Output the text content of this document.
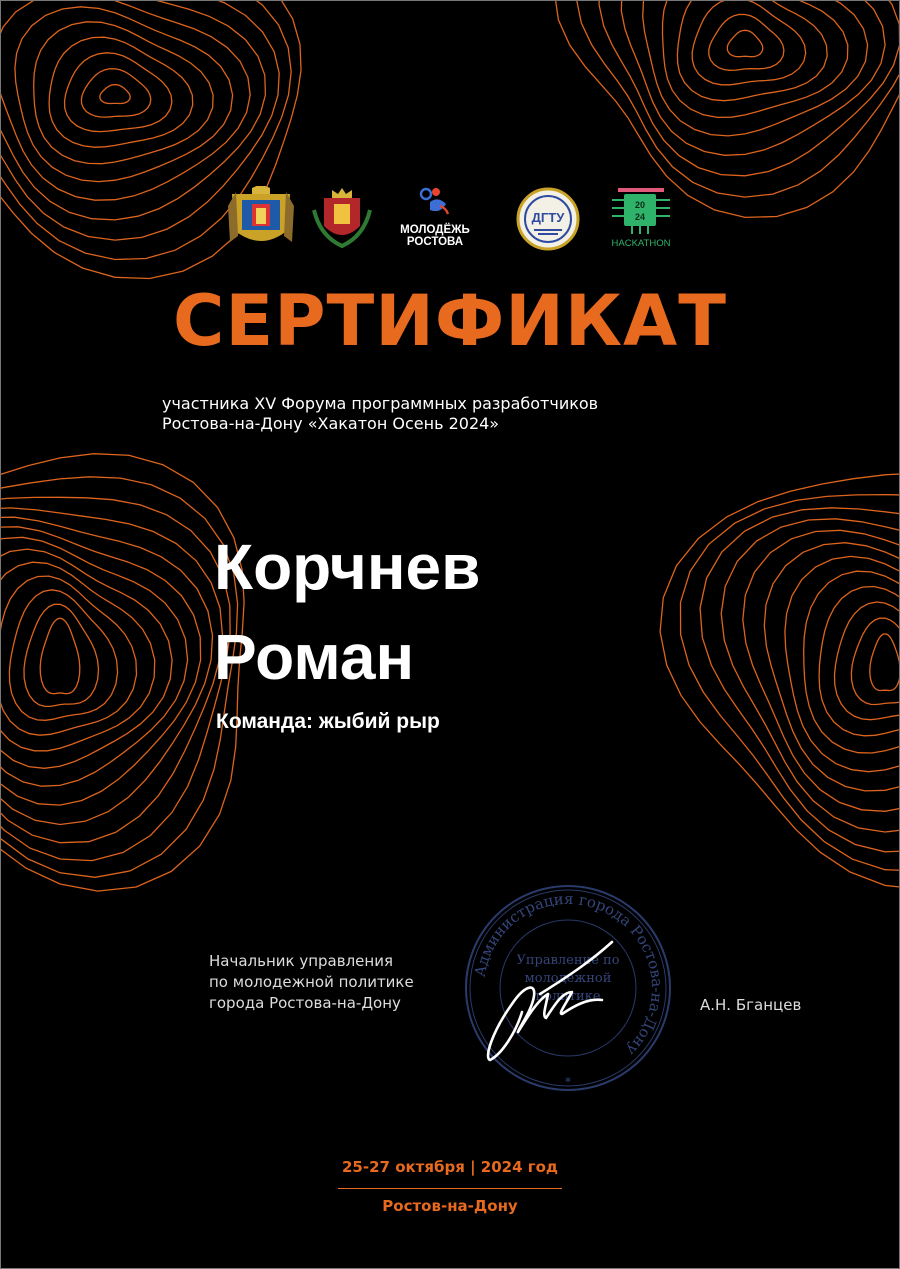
МОЛОДЁЖЬ
РОСТОВА
ДГТУ
20
24
HACKATHON
СЕРТИФИКАТ
участника XV Форума программных разработчиков
Ростова-на-Дону «Хакатон Осень 2024»
Корчнев
Роман
Команда: жыбий рыр
Начальник управления
по молодежной политике
города Ростова-на-Дону
Администрация города Ростова-на-Дону
Управление по
молодежной
политике
*
А.Н. Бганцев
25-27 октября | 2024 год
Ростов-на-Дону
